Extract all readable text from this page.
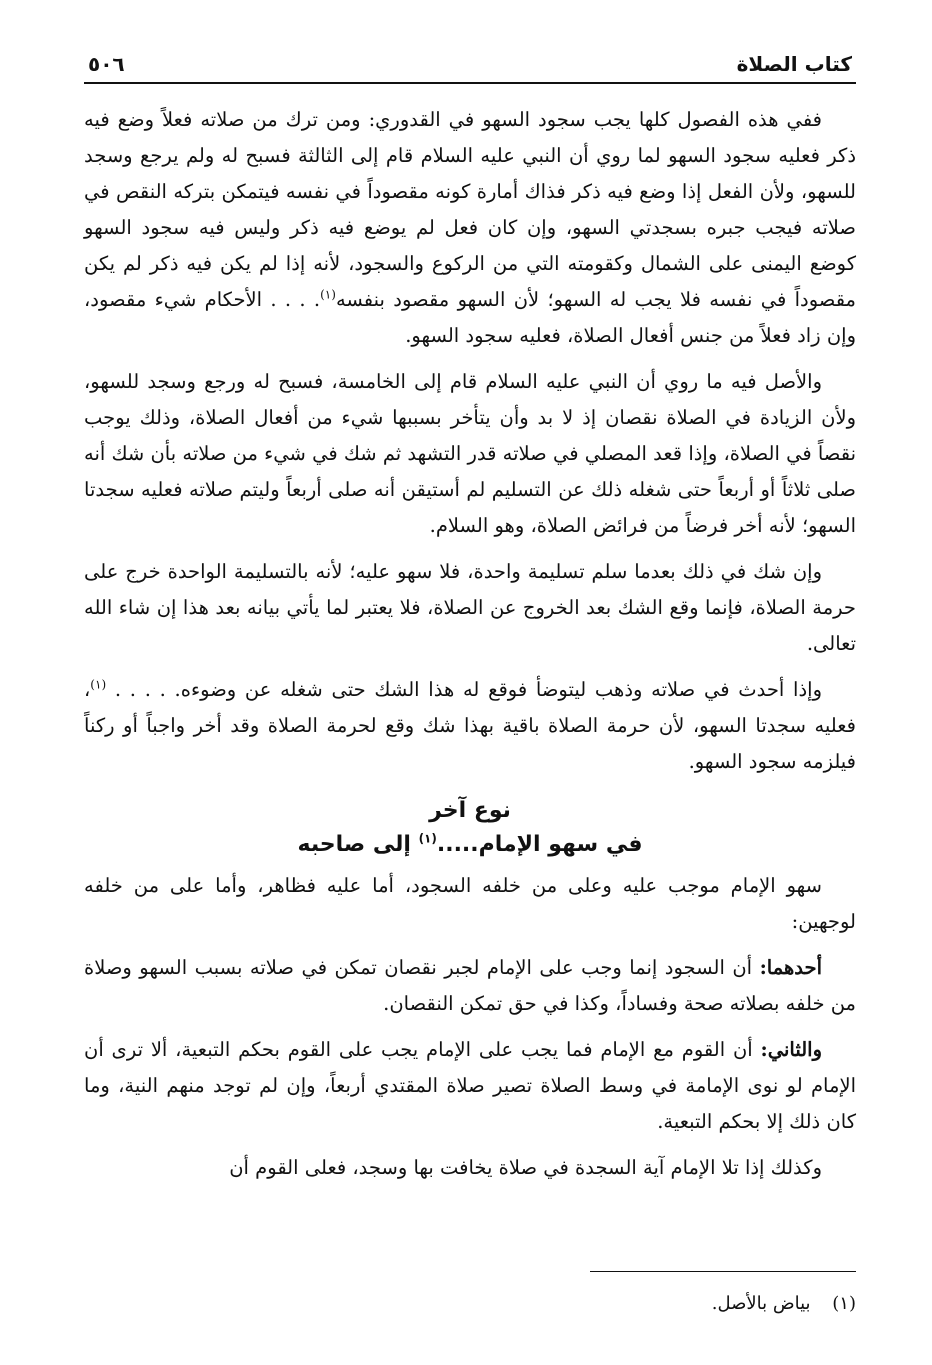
كتاب الصلاة
٥٠٦

ففي هذه الفصول كلها يجب سجود السهو في القدوري: ومن ترك من صلاته فعلاً وضع فيه ذكر فعليه سجود السهو لما روي أن النبي عليه السلام قام إلى الثالثة فسبح له ولم يرجع وسجد للسهو، ولأن الفعل إذا وضع فيه ذكر فذاك أمارة كونه مقصوداً في نفسه فيتمكن بتركه النقص في صلاته فيجب جبره بسجدتي السهو، وإن كان فعل لم يوضع فيه ذكر وليس فيه سجود السهو كوضع اليمنى على الشمال وكقومته التي من الركوع والسجود، لأنه إذا لم يكن فيه ذكر لم يكن مقصوداً في نفسه فلا يجب له السهو؛ لأن السهو مقصود بنفسه$^{(١)}$. . . . الأحكام شيء مقصود، وإن زاد فعلاً من جنس أفعال الصلاة، فعليه سجود السهو.

والأصل فيه ما روي أن النبي عليه السلام قام إلى الخامسة، فسبح له ورجع وسجد للسهو، ولأن الزيادة في الصلاة نقصان إذ لا بد وأن يتأخر بسببها شيء من أفعال الصلاة، وذلك يوجب نقصاً في الصلاة، وإذا قعد المصلي في صلاته قدر التشهد ثم شك في شيء من صلاته بأن شك أنه صلى ثلاثاً أو أربعاً حتى شغله ذلك عن التسليم لم أستيقن أنه صلى أربعاً وليتم صلاته فعليه سجدتا السهو؛ لأنه أخر فرضاً من فرائض الصلاة، وهو السلام.

وإن شك في ذلك بعدما سلم تسليمة واحدة، فلا سهو عليه؛ لأنه بالتسليمة الواحدة خرج على حرمة الصلاة، فإنما وقع الشك بعد الخروج عن الصلاة، فلا يعتبر لما يأتي بيانه بعد هذا إن شاء الله تعالى.

وإذا أحدث في صلاته وذهب ليتوضأ فوقع له هذا الشك حتى شغله عن وضوءه. . . . . $^{(١)}$، فعليه سجدتا السهو، لأن حرمة الصلاة باقية بهذا شك وقع لحرمة الصلاة وقد أخر واجباً أو ركناً فيلزمه سجود السهو.

نوع آخر
في سهو الإمام.....$^{(١)}$ إلى صاحبه

سهو الإمام موجب عليه وعلى من خلفه السجود، أما عليه فظاهر، وأما على من خلفه لوجهين:

أحدهما: أن السجود إنما وجب على الإمام لجبر نقصان تمكن في صلاته بسبب السهو وصلاة من خلفه بصلاته صحة وفساداً، وكذا في حق تمكن النقصان.

والثاني: أن القوم مع الإمام فما يجب على الإمام يجب على القوم بحكم التبعية، ألا ترى أن الإمام لو نوى الإمامة في وسط الصلاة تصير صلاة المقتدي أربعاً، وإن لم توجد منهم النية، وما كان ذلك إلا بحكم التبعية.

وكذلك إذا تلا الإمام آية السجدة في صلاة يخافت بها وسجد، فعلى القوم أن

(١) بياض بالأصل.
